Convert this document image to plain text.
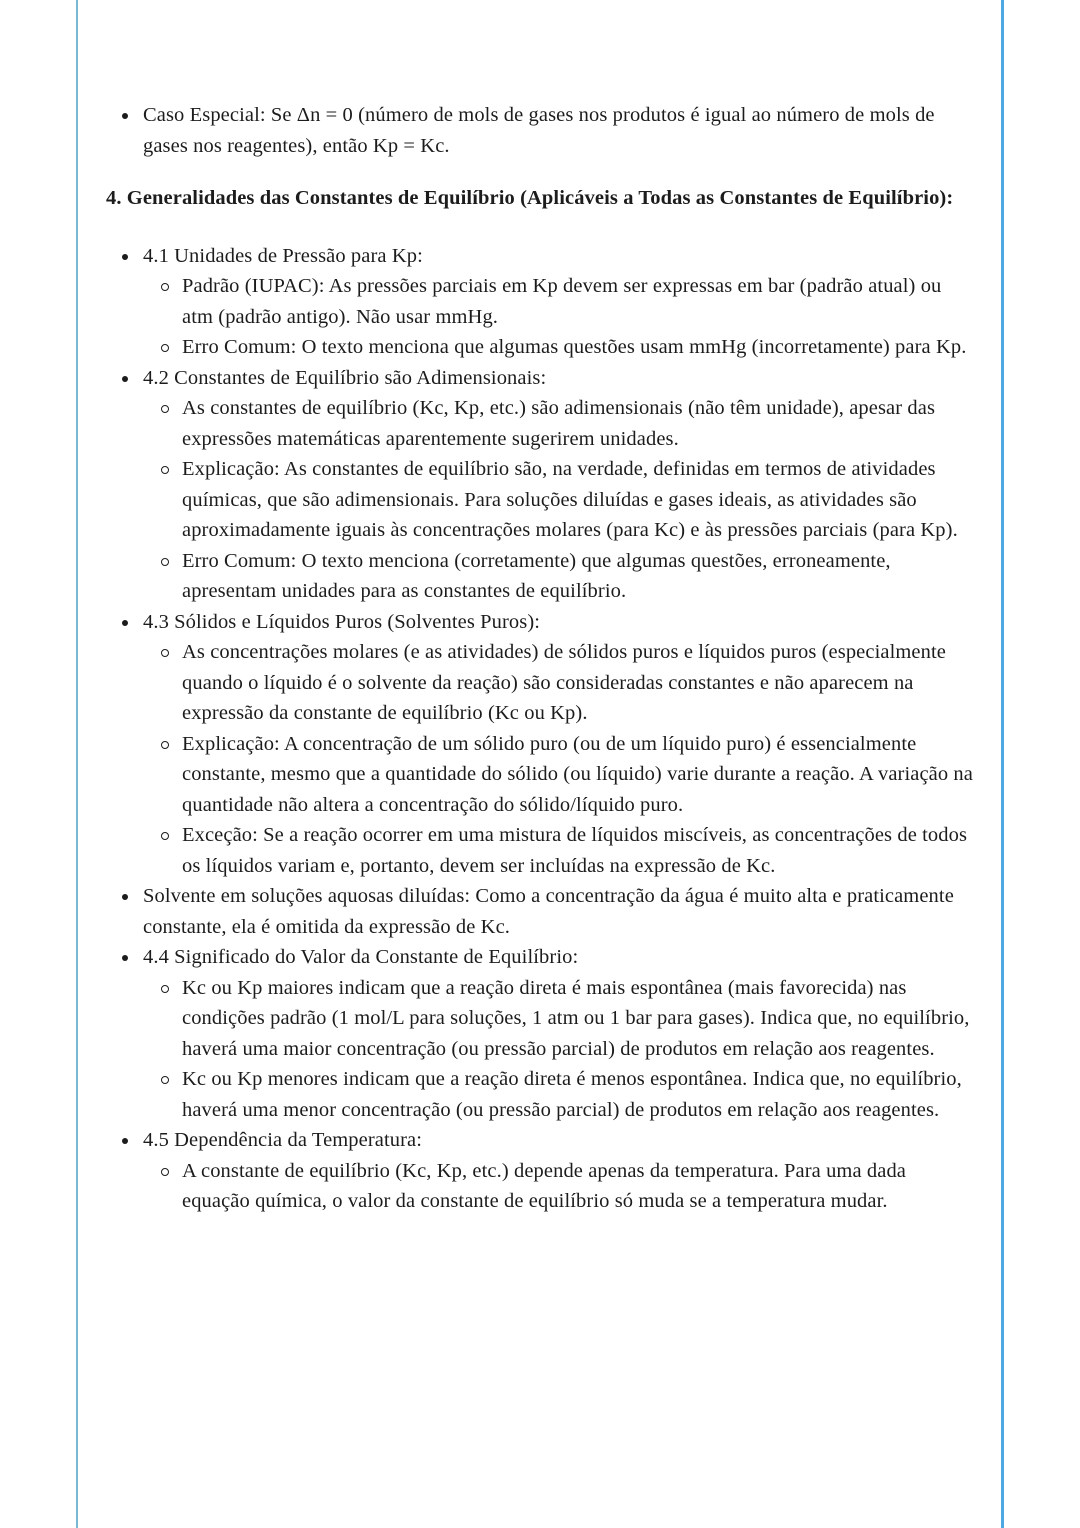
Caso Especial: Se Δn = 0 (número de mols de gases nos produtos é igual ao número de mols de gases nos reagentes), então Kp = Kc.
4. Generalidades das Constantes de Equilíbrio (Aplicáveis a Todas as Constantes de Equilíbrio):
4.1 Unidades de Pressão para Kp:
Padrão (IUPAC): As pressões parciais em Kp devem ser expressas em bar (padrão atual) ou atm (padrão antigo). Não usar mmHg.
Erro Comum: O texto menciona que algumas questões usam mmHg (incorretamente) para Kp.
4.2 Constantes de Equilíbrio são Adimensionais:
As constantes de equilíbrio (Kc, Kp, etc.) são adimensionais (não têm unidade), apesar das expressões matemáticas aparentemente sugerirem unidades.
Explicação: As constantes de equilíbrio são, na verdade, definidas em termos de atividades químicas, que são adimensionais. Para soluções diluídas e gases ideais, as atividades são aproximadamente iguais às concentrações molares (para Kc) e às pressões parciais (para Kp).
Erro Comum: O texto menciona (corretamente) que algumas questões, erroneamente, apresentam unidades para as constantes de equilíbrio.
4.3 Sólidos e Líquidos Puros (Solventes Puros):
As concentrações molares (e as atividades) de sólidos puros e líquidos puros (especialmente quando o líquido é o solvente da reação) são consideradas constantes e não aparecem na expressão da constante de equilíbrio (Kc ou Kp).
Explicação: A concentração de um sólido puro (ou de um líquido puro) é essencialmente constante, mesmo que a quantidade do sólido (ou líquido) varie durante a reação. A variação na quantidade não altera a concentração do sólido/líquido puro.
Exceção: Se a reação ocorrer em uma mistura de líquidos miscíveis, as concentrações de todos os líquidos variam e, portanto, devem ser incluídas na expressão de Kc.
Solvente em soluções aquosas diluídas: Como a concentração da água é muito alta e praticamente constante, ela é omitida da expressão de Kc.
4.4 Significado do Valor da Constante de Equilíbrio:
Kc ou Kp maiores indicam que a reação direta é mais espontânea (mais favorecida) nas condições padrão (1 mol/L para soluções, 1 atm ou 1 bar para gases). Indica que, no equilíbrio, haverá uma maior concentração (ou pressão parcial) de produtos em relação aos reagentes.
Kc ou Kp menores indicam que a reação direta é menos espontânea. Indica que, no equilíbrio, haverá uma menor concentração (ou pressão parcial) de produtos em relação aos reagentes.
4.5 Dependência da Temperatura:
A constante de equilíbrio (Kc, Kp, etc.) depende apenas da temperatura. Para uma dada equação química, o valor da constante de equilíbrio só muda se a temperatura mudar.
